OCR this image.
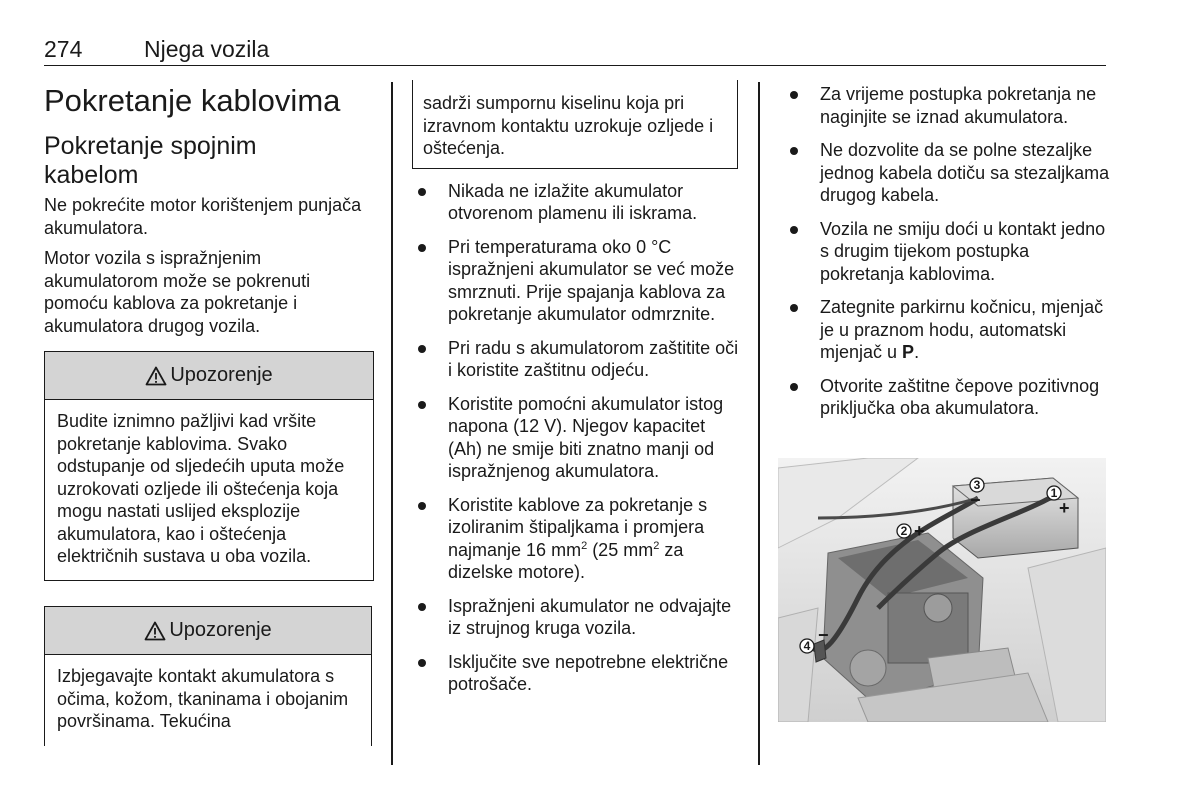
274	Njega vozila
Pokretanje kablovima
Pokretanje spojnim kabelom

Ne pokrećite motor korištenjem punjača akumulatora.

Motor vozila s ispražnjenim akumulatorom može se pokrenuti pomoću kablova za pokretanje i akumulatora drugog vozila.

Upozorenje
Budite iznimno pažljivi kad vršite pokretanje kablovima. Svako odstupanje od sljedećih uputa može uzrokovati ozljede ili oštećenja koja mogu nastati uslijed eksplozije akumulatora, kao i oštećenja električnih sustava u oba vozila.
Upozorenje
Izbjegavajte kontakt akumulatora s očima, kožom, tkaninama i obojanim površinama. Tekućina
sadrži sumpornu kiselinu koja pri izravnom kontaktu uzrokuje ozljede i oštećenja.
Nikada ne izlažite akumulator otvorenom plamenu ili iskrama.
Pri temperaturama oko 0 °C ispražnjeni akumulator se već može smrznuti. Prije spajanja kablova za pokretanje akumulator odmrznite.
Pri radu s akumulatorom zaštitite oči i koristite zaštitnu odjeću.
Koristite pomoćni akumulator istog napona (12 V). Njegov kapacitet (Ah) ne smije biti znatno manji od ispražnjenog akumulatora.
Koristite kablove za pokretanje s izoliranim štipaljkama i promjera najmanje 16 $mm^2$ (25 $mm^2$ za dizelske motore).
Ispražnjeni akumulator ne odvajajte iz strujnog kruga vozila.
Isključite sve nepotrebne električne potrošače.
Za vrijeme postupka pokretanja ne naginjite se iznad akumulatora.
Ne dozvolite da se polne stezaljke jednog kabela dotiču sa stezaljkama drugog kabela.
Vozila ne smiju doći u kontakt jedno s drugim tijekom postupka pokretanja kablovima.
Zategnite parkirnu kočnicu, mjenjač je u praznom hodu, automatski mjenjač u P.
Otvorite zaštitne čepove pozitivnog priključka oba akumulatora.
3
−	1
+
2 +
4
−
